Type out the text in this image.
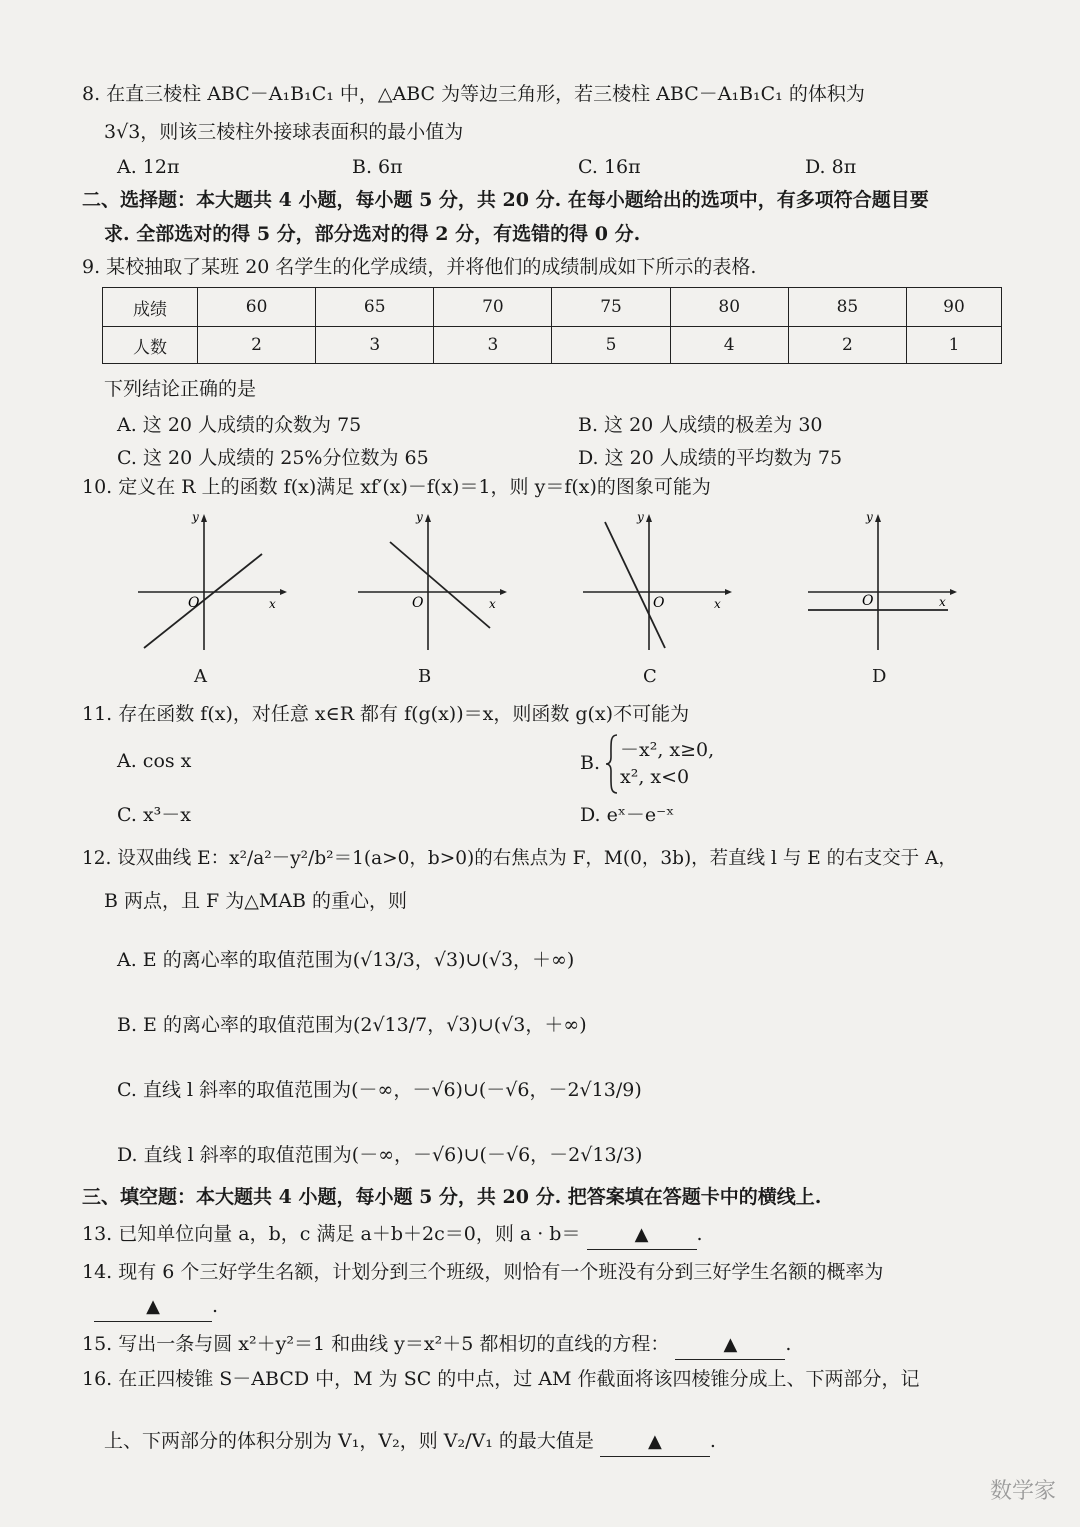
8. 在直三棱柱 ABC－A₁B₁C₁ 中，△ABC 为等边三角形，若三棱柱 ABC－A₁B₁C₁ 的体积为
3√3，则该三棱柱外接球表面积的最小值为
A. 12π	B. 6π	C. 16π	D. 8π
二、选择题：本大题共 4 小题，每小题 5 分，共 20 分. 在每小题给出的选项中，有多项符合题目要
求. 全部选对的得 5 分，部分选对的得 2 分，有选错的得 0 分.
9. 某校抽取了某班 20 名学生的化学成绩，并将他们的成绩制成如下所示的表格.
成绩	60	65	70	75	80	85	90
人数	2	3	3	5	4	2	1
下列结论正确的是
A. 这 20 人成绩的众数为 75	B. 这 20 人成绩的极差为 30
C. 这 20 人成绩的 25%分位数为 65	D. 这 20 人成绩的平均数为 75
10. 定义在 R 上的函数 f(x)满足 xf′(x)－f(x)＝1，则 y＝f(x)的图象可能为
y
x
O
A
y
x
O
B
y
x
O
C
y
x
O
D
11. 存在函数 f(x)，对任意 x∈R 都有 f(g(x))＝x，则函数 g(x)不可能为
A. cos x	B.
－x², x≥0,
x², x<0
C. x³－x	D. eˣ－e⁻ˣ
12. 设双曲线 E：x²/a²－y²/b²＝1(a>0，b>0)的右焦点为 F，M(0，3b)，若直线 l 与 E 的右支交于 A，
B 两点，且 F 为△MAB 的重心，则
A. E 的离心率的取值范围为(√13/3，√3)∪(√3，＋∞)
B. E 的离心率的取值范围为(2√13/7，√3)∪(√3，＋∞)
C. 直线 l 斜率的取值范围为(－∞，－√6)∪(－√6，－2√13/9)
D. 直线 l 斜率的取值范围为(－∞，－√6)∪(－√6，－2√13/3)
三、填空题：本大题共 4 小题，每小题 5 分，共 20 分. 把答案填在答题卡中的横线上.
13. 已知单位向量 a，b，c 满足 a＋b＋2c＝0，则 a · b＝	▲	.
14. 现有 6 个三好学生名额，计划分到三个班级，则恰有一个班没有分到三好学生名额的概率为
▲	.
15. 写出一条与圆 x²＋y²＝1 和曲线 y＝x²＋5 都相切的直线的方程：	▲	.
16. 在正四棱锥 S－ABCD 中，M 为 SC 的中点，过 AM 作截面将该四棱锥分成上、下两部分，记
上、下两部分的体积分别为 V₁，V₂，则 V₂/V₁ 的最大值是	▲	.
数学家
